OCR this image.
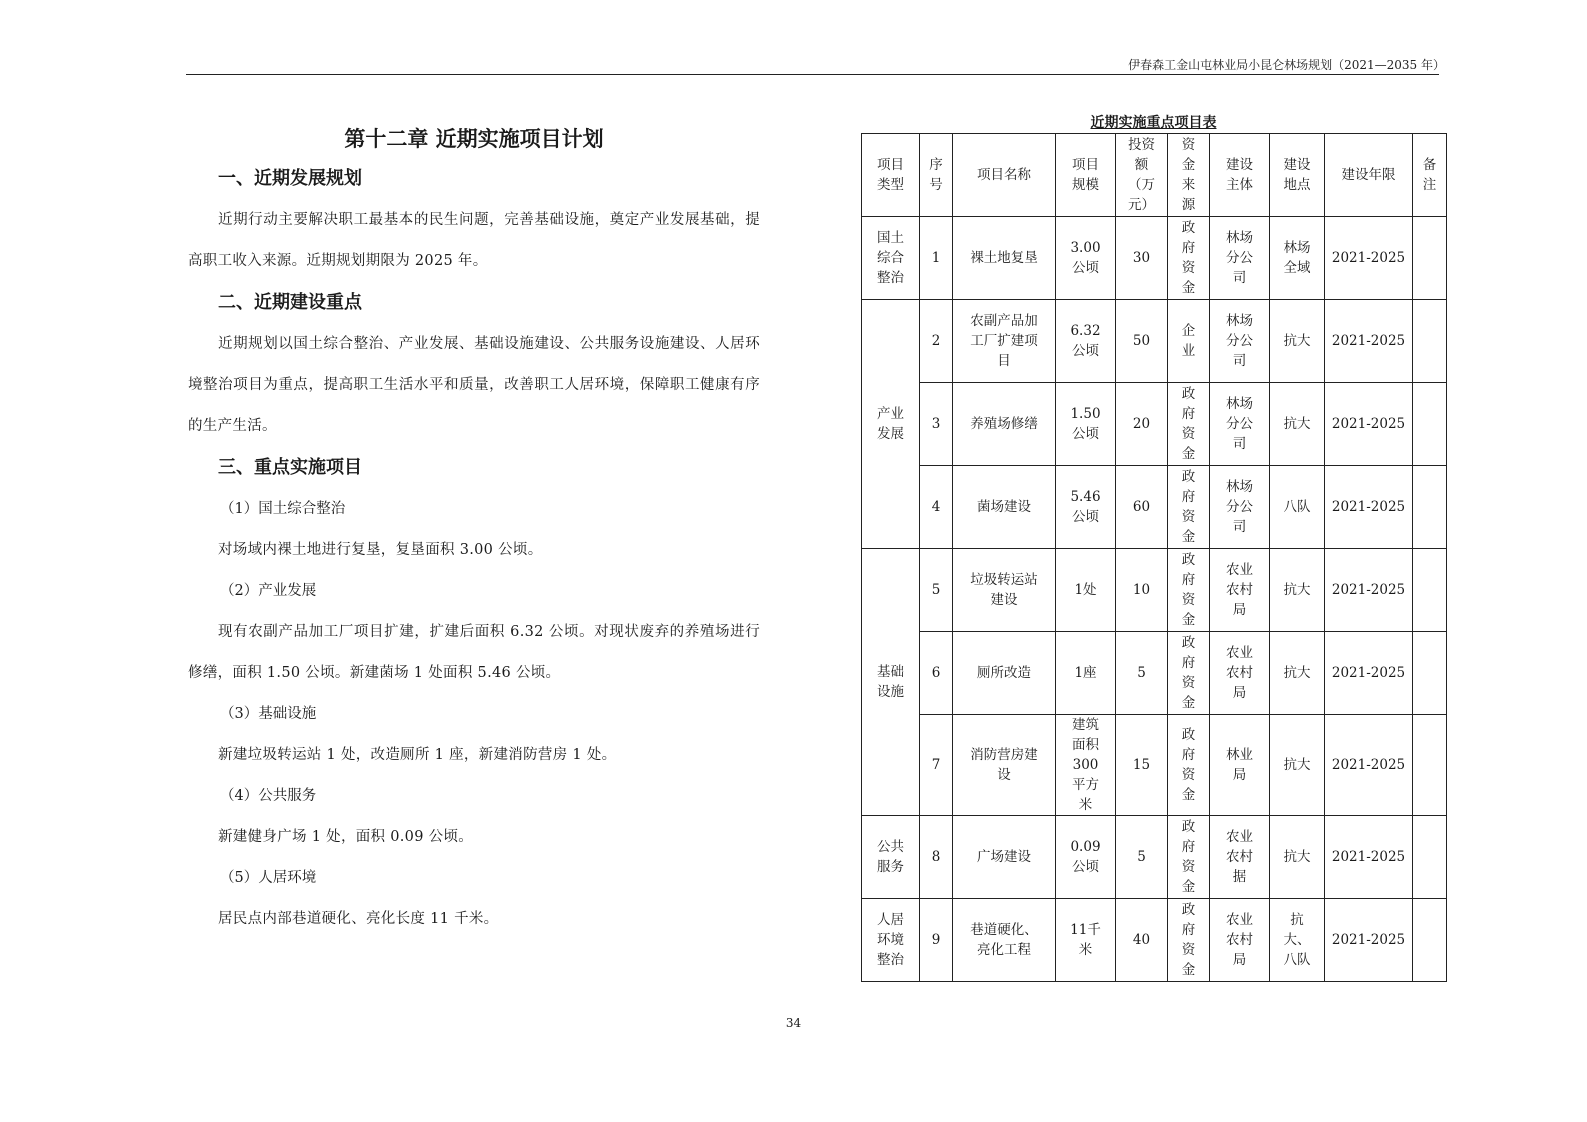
伊春森工金山屯林业局小昆仑林场规划（2021—2035 年）
第十二章 近期实施项目计划
一、近期发展规划

近期行动主要解决职工最基本的民生问题，完善基础设施，奠定产业发展基础，提高职工收入来源。近期规划期限为 2025 年。

二、近期建设重点

近期规划以国土综合整治、产业发展、基础设施建设、公共服务设施建设、人居环境整治项目为重点，提高职工生活水平和质量，改善职工人居环境，保障职工健康有序的生产生活。

三、重点实施项目
（1）国土综合整治

对场域内裸土地进行复垦，复垦面积 3.00 公顷。

（2）产业发展

现有农副产品加工厂项目扩建，扩建后面积 6.32 公顷。对现状废弃的养殖场进行修缮，面积 1.50 公顷。新建菌场 1 处面积 5.46 公顷。

（3）基础设施

新建垃圾转运站 1 处，改造厕所 1 座，新建消防营房 1 处。

（4）公共服务

新建健身广场 1 处，面积 0.09 公顷。

（5）人居环境

居民点内部巷道硬化、亮化长度 11 千米。

近期实施重点项目表
项目类型	序号	项目名称	项目规模	投资额（万元）	资金来源	建设主体	建设地点	建设年限	备注
国土综合整治	1	裸土地复垦	3.00公顷	30	政府资金	林场分公司	林场全域	2021-2025	
产业发展	2	农副产品加工厂扩建项目	6.32公顷	50	企业	林场分公司	抗大	2021-2025	
	3	养殖场修缮	1.50公顷	20	政府资金	林场分公司	抗大	2021-2025	
	4	菌场建设	5.46公顷	60	政府资金	林场分公司	八队	2021-2025	
基础设施	5	垃圾转运站建设	1处	10	政府资金	农业农村局	抗大	2021-2025	
	6	厕所改造	1座	5	政府资金	农业农村局	抗大	2021-2025	
	7	消防营房建设	建筑面积300平方米	15	政府资金	林业局	抗大	2021-2025	
公共服务	8	广场建设	0.09公顷	5	政府资金	农业农村据	抗大	2021-2025	
人居环境整治	9	巷道硬化、亮化工程	11千米	40	政府资金	农业农村局	抗大、八队	2021-2025	
34
